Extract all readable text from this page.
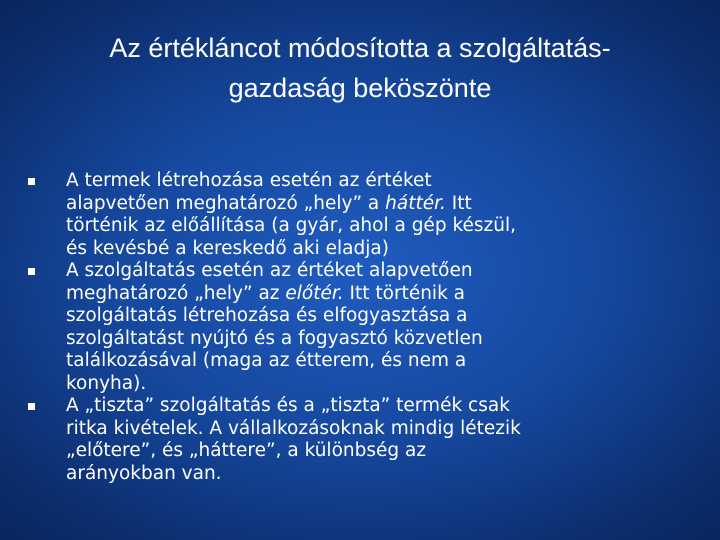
Az értékláncot módosította a szolgáltatás-
gazdaság beköszönte
A termek létrehozása esetén az értéket
alapvetően meghatározó „hely” a háttér. Itt
történik az előállítása (a gyár, ahol a gép készül,
és kevésbé a kereskedő aki eladja)
A szolgáltatás esetén az értéket alapvetően
meghatározó „hely” az előtér. Itt történik a
szolgáltatás létrehozása és elfogyasztása a
szolgáltatást nyújtó és a fogyasztó közvetlen
találkozásával (maga az étterem, és nem a
konyha).
A „tiszta” szolgáltatás és a „tiszta” termék csak
ritka kivételek. A vállalkozásoknak mindig létezik
„előtere”, és „háttere”, a különbség az
arányokban van.
